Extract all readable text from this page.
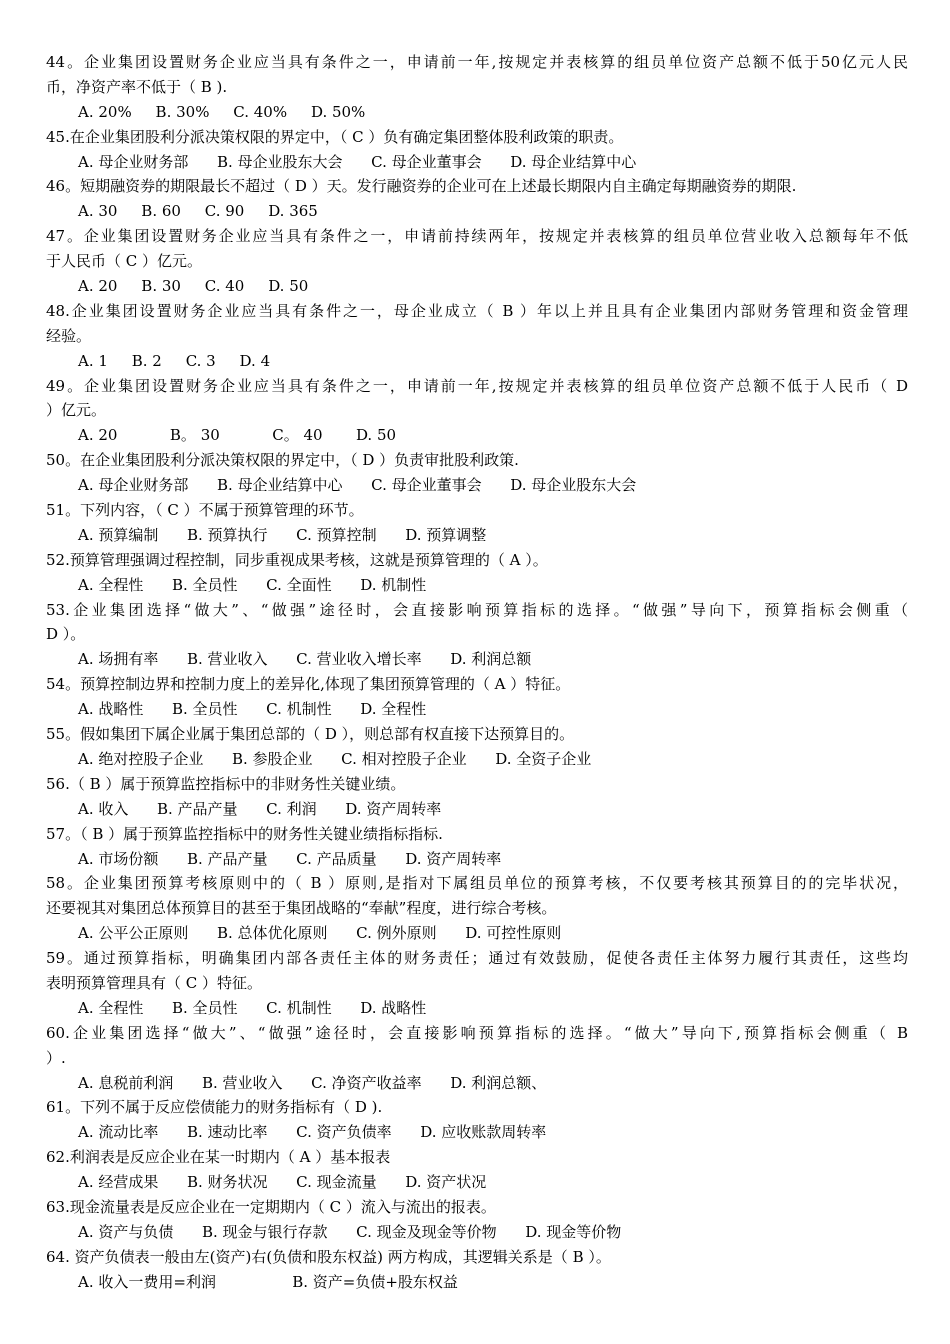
44。企业集团设置财务企业应当具有条件之一，申请前一年,按规定并表核算的组员单位资产总额不低于50亿元人民
币，净资产率不低于（ B ).
A. 20%     B. 30%     C. 40%     D. 50%
45.在企业集团股利分派决策权限的界定中，（ C ）负有确定集团整体股利政策的职责。
A. 母企业财务部      B. 母企业股东大会      C. 母企业董事会      D. 母企业结算中心
46。短期融资券的期限最长不超过（ D ）天。发行融资券的企业可在上述最长期限内自主确定每期融资券的期限.
A. 30     B. 60     C. 90     D. 365
47。企业集团设置财务企业应当具有条件之一，申请前持续两年，按规定并表核算的组员单位营业收入总额每年不低
于人民币（ C ）亿元。
A. 20     B. 30     C. 40     D. 50
48.企业集团设置财务企业应当具有条件之一，母企业成立（ B ）年以上并且具有企业集团内部财务管理和资金管理
经验。
A. 1     B. 2     C. 3     D. 4
49。企业集团设置财务企业应当具有条件之一，申请前一年,按规定并表核算的组员单位资产总额不低于人民币（ D
）亿元。
A. 20           B。 30           C。 40       D. 50
50。在企业集团股利分派决策权限的界定中，（ D ）负责审批股利政策.
A. 母企业财务部      B. 母企业结算中心      C. 母企业董事会      D. 母企业股东大会
51。下列内容，（ C ）不属于预算管理的环节。
A. 预算编制      B. 预算执行      C. 预算控制      D. 预算调整
52.预算管理强调过程控制，同步重视成果考核，这就是预算管理的（ A ）。
A. 全程性      B. 全员性      C. 全面性      D. 机制性
53.企业集团选择“做大”、“做强”途径时，会直接影响预算指标的选择。“做强”导向下，预算指标会侧重（
D ）。
A. 场拥有率      B. 营业收入      C. 营业收入增长率      D. 利润总额
54。预算控制边界和控制力度上的差异化,体现了集团预算管理的（ A ）特征。
A. 战略性      B. 全员性      C. 机制性      D. 全程性
55。假如集团下属企业属于集团总部的（ D ），则总部有权直接下达预算目的。
A. 绝对控股子企业      B. 参股企业      C. 相对控股子企业      D. 全资子企业
56.（ B ）属于预算监控指标中的非财务性关键业绩。
A. 收入      B. 产品产量      C. 利润      D. 资产周转率
57。（ B ）属于预算监控指标中的财务性关键业绩指标指标.
A. 市场份额      B. 产品产量      C. 产品质量      D. 资产周转率
58。企业集团预算考核原则中的（ B ）原则,是指对下属组员单位的预算考核，不仅要考核其预算目的的完毕状况，
还要视其对集团总体预算目的甚至于集团战略的“奉献”程度，进行综合考核。
A. 公平公正原则      B. 总体优化原则      C. 例外原则      D. 可控性原则
59。通过预算指标，明确集团内部各责任主体的财务责任；通过有效鼓励，促使各责任主体努力履行其责任，这些均
表明预算管理具有（ C ）特征。
A. 全程性      B. 全员性      C. 机制性      D. 战略性
60.企业集团选择“做大”、“做强”途径时，会直接影响预算指标的选择。“做大”导向下,预算指标会侧重（ B
）.
A. 息税前利润      B. 营业收入      C. 净资产收益率      D. 利润总额、
61。下列不属于反应偿债能力的财务指标有（ D ).
A. 流动比率      B. 速动比率      C. 资产负债率      D. 应收账款周转率
62.利润表是反应企业在某一时期内（ A ）基本报表
A. 经营成果      B. 财务状况      C. 现金流量      D. 资产状况
63.现金流量表是反应企业在一定期期内（ C ）流入与流出的报表。
A. 资产与负债      B. 现金与银行存款      C. 现金及现金等价物      D. 现金等价物
64. 资产负债表一般由左(资产)右(负债和股东权益) 两方构成，其逻辑关系是（ B ）。
A. 收入一费用=利润                B. 资产=负债+股东权益
